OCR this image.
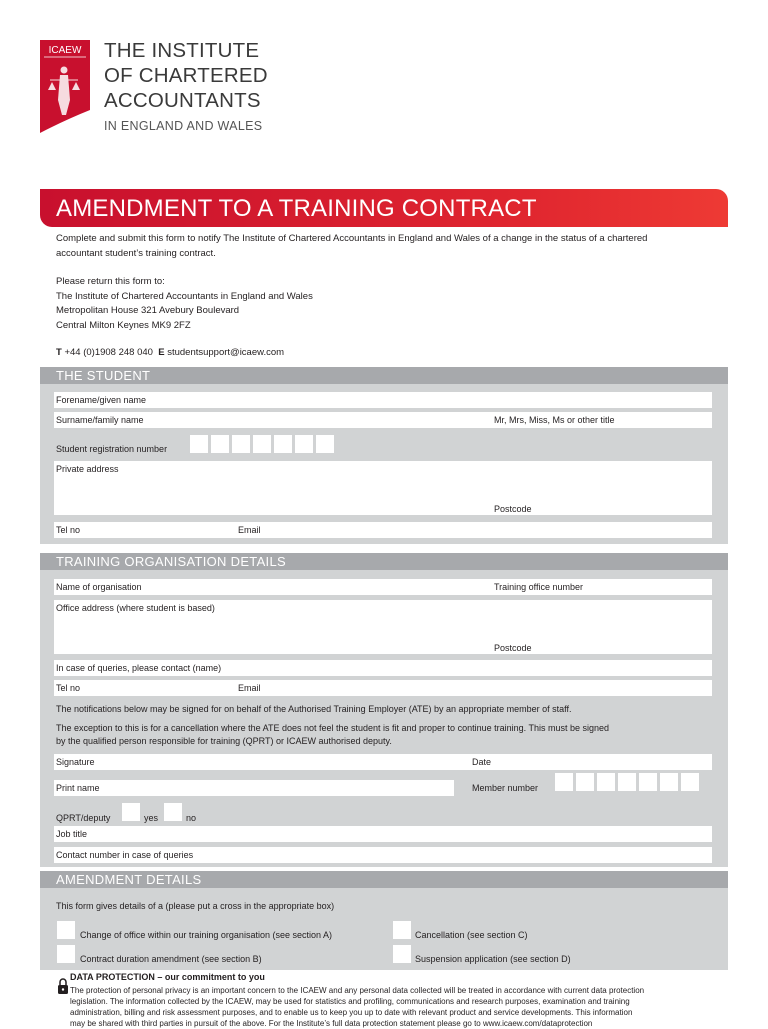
ICAEW THE INSTITUTE
OF CHARTERED
ACCOUNTANTS
IN ENGLAND AND WALES
AMENDMENT TO A TRAINING CONTRACT
Complete and submit this form to notify The Institute of Chartered Accountants in England and Wales of a change in the status of a chartered
accountant student’s training contract.
Please return this form to:
The Institute of Chartered Accountants in England and Wales
Metropolitan House 321 Avebury Boulevard
Central Milton Keynes MK9 2FZ
T +44 (0)1908 248 040 E studentsupport@icaew.com
THE STUDENT
Forename/given name
Surname/family name	Mr, Mrs, Miss, Ms or other title
Student registration number
Private address
Postcode
Tel no	Email
TRAINING ORGANISATION DETAILS
Name of organisation	Training office number
Office address (where student is based)
Postcode
In case of queries, please contact (name)
Tel no	Email
The notifications below may be signed for on behalf of the Authorised Training Employer (ATE) by an appropriate member of staff.
The exception to this is for a cancellation where the ATE does not feel the student is fit and proper to continue training. This must be signed
by the qualified person responsible for training (QPRT) or ICAEW authorised deputy.
Signature	Date
Print name	Member number
QPRT/deputy	yes	no
Job title
Contact number in case of queries
AMENDMENT DETAILS
This form gives details of a (please put a cross in the appropriate box)
Change of office within our training organisation (see section A)	Cancellation (see section C)
Contract duration amendment (see section B)	Suspension application (see section D)
DATA PROTECTION – our commitment to you
The protection of personal privacy is an important concern to the ICAEW and any personal data collected will be treated in accordance with current data protection
legislation. The information collected by the ICAEW, may be used for statistics and profiling, communications and research purposes, examination and training
administration, billing and risk assessment purposes, and to enable us to keep you up to date with relevant product and service developments. This information
may be shared with third parties in pursuit of the above. For the Institute’s full data protection statement please go to www.icaew.com/dataprotection
